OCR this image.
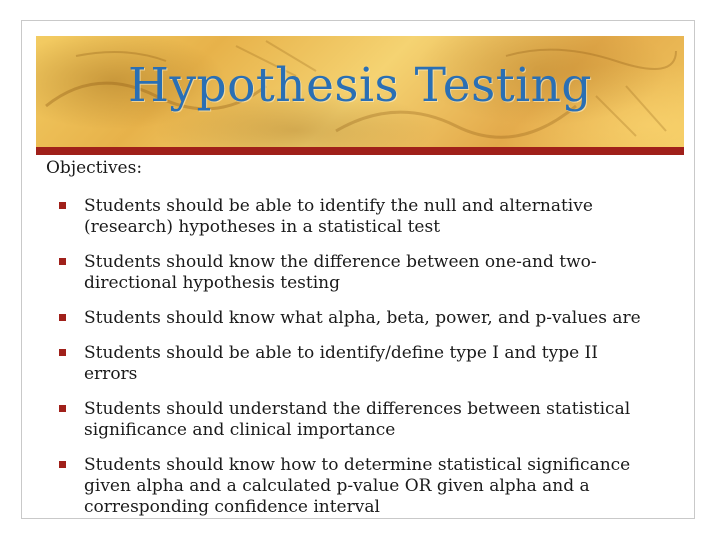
Hypothesis Testing

Objectives:

Students should be able to identify the null and alternative (research) hypotheses in a statistical test
Students should know the difference between one-and two-directional hypothesis testing
Students should know what alpha, beta, power, and p-values are
Students should be able to identify/define type I and type II errors
Students should understand the differences between statistical significance and clinical importance
Students should know how to determine statistical significance given alpha and a calculated p-value OR given alpha and a corresponding confidence interval
